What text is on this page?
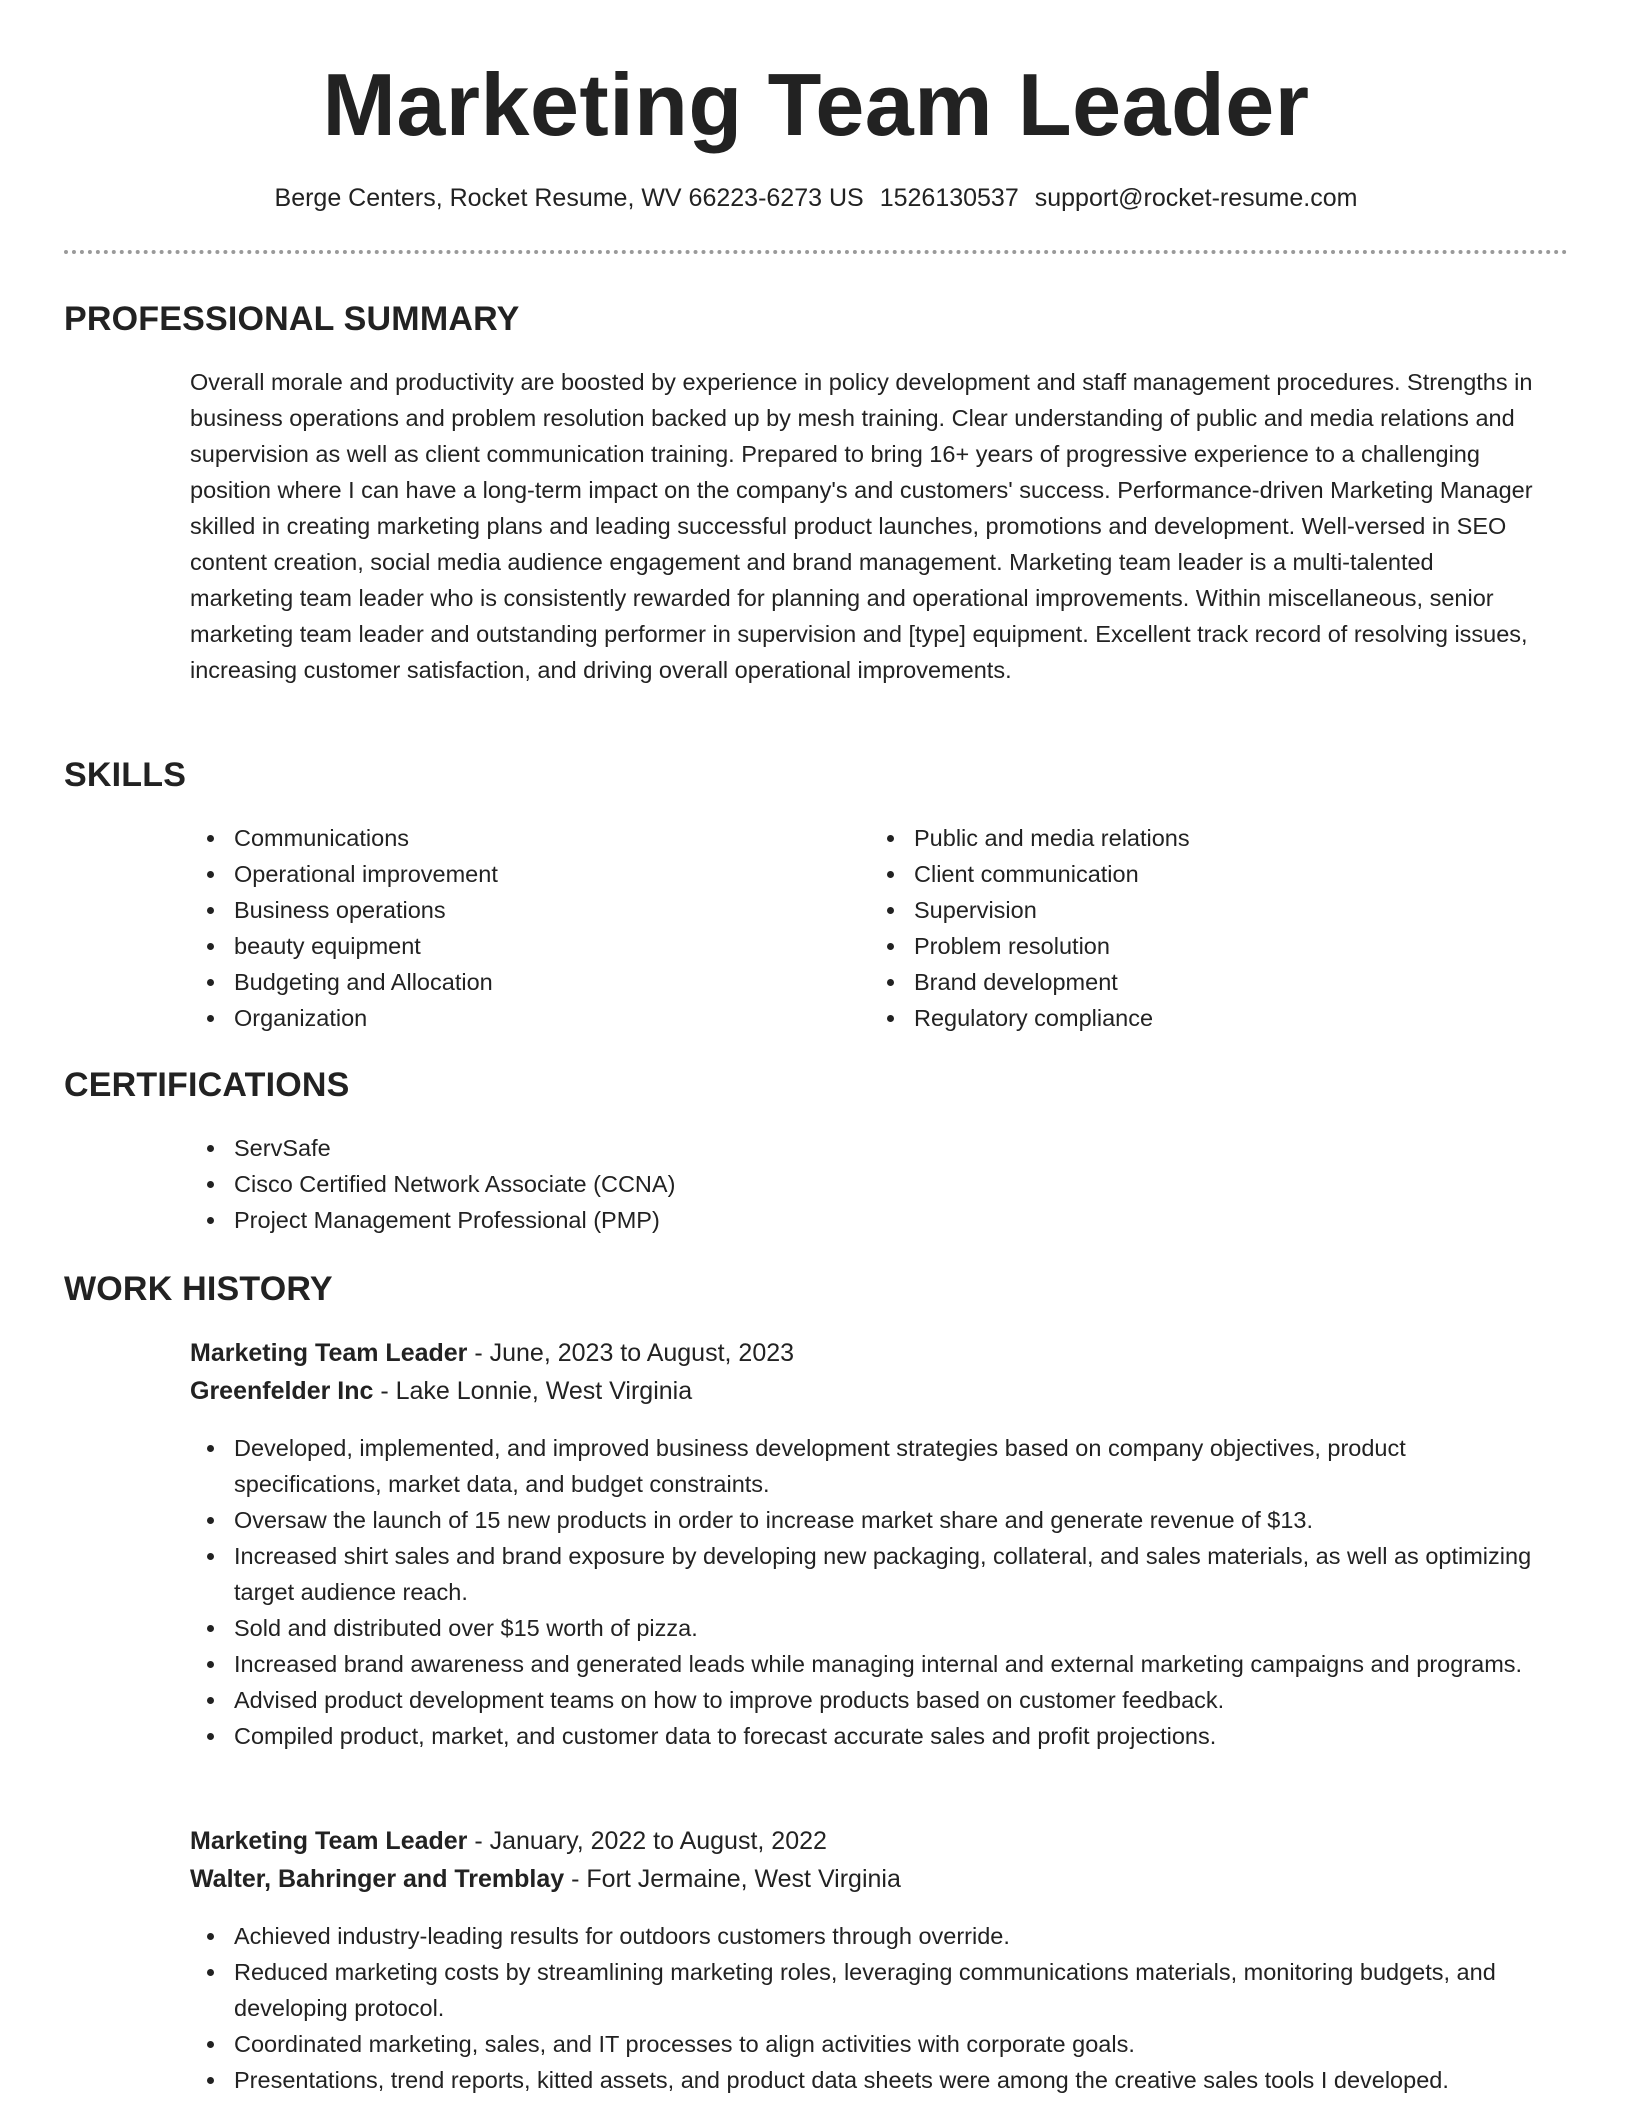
Marketing Team Leader
Berge Centers, Rocket Resume, WV 66223-6273 US 1526130537 support@rocket-resume.com
PROFESSIONAL SUMMARY

Overall morale and productivity are boosted by experience in policy development and staff management procedures. Strengths in business operations and problem resolution backed up by mesh training. Clear understanding of public and media relations and supervision as well as client communication training. Prepared to bring 16+ years of progressive experience to a challenging position where I can have a long-term impact on the company's and customers' success. Performance-driven Marketing Manager skilled in creating marketing plans and leading successful product launches, promotions and development. Well-versed in SEO content creation, social media audience engagement and brand management. Marketing team leader is a multi-talented marketing team leader who is consistently rewarded for planning and operational improvements. Within miscellaneous, senior marketing team leader and outstanding performer in supervision and [type] equipment. Excellent track record of resolving issues, increasing customer satisfaction, and driving overall operational improvements.

SKILLS
Communications
Operational improvement
Business operations
beauty equipment
Budgeting and Allocation
Organization
Public and media relations
Client communication
Supervision
Problem resolution
Brand development
Regulatory compliance
CERTIFICATIONS
ServSafe
Cisco Certified Network Associate (CCNA)
Project Management Professional (PMP)
WORK HISTORY
Marketing Team Leader - June, 2023 to August, 2023
Greenfelder Inc - Lake Lonnie, West Virginia
Developed, implemented, and improved business development strategies based on company objectives, product specifications, market data, and budget constraints.
Oversaw the launch of 15 new products in order to increase market share and generate revenue of $13.
Increased shirt sales and brand exposure by developing new packaging, collateral, and sales materials, as well as optimizing target audience reach.
Sold and distributed over $15 worth of pizza.
Increased brand awareness and generated leads while managing internal and external marketing campaigns and programs.
Advised product development teams on how to improve products based on customer feedback.
Compiled product, market, and customer data to forecast accurate sales and profit projections.
Marketing Team Leader - January, 2022 to August, 2022
Walter, Bahringer and Tremblay - Fort Jermaine, West Virginia
Achieved industry-leading results for outdoors customers through override.
Reduced marketing costs by streamlining marketing roles, leveraging communications materials, monitoring budgets, and developing protocol.
Coordinated marketing, sales, and IT processes to align activities with corporate goals.
Presentations, trend reports, kitted assets, and product data sheets were among the creative sales tools I developed.
